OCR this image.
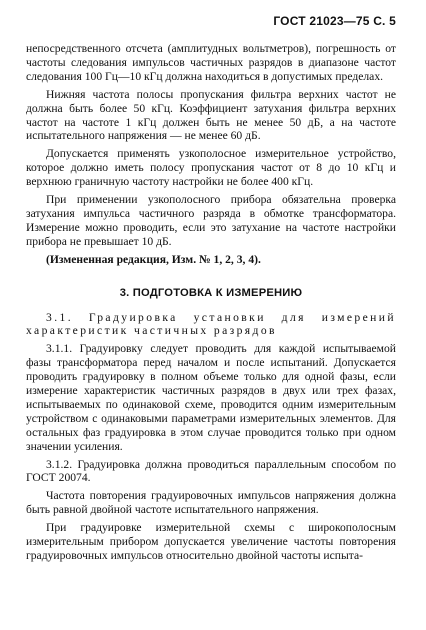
ГОСТ 21023—75 С. 5

непосредственного отсчета (амплитудных вольтметров), погрешность от частоты следования импульсов частичных разрядов в диапазоне частот следования 100 Гц—10 кГц должна находиться в допустимых пределах.

Нижняя частота полосы пропускания фильтра верхних частот не должна быть более 50 кГц. Коэффициент затухания фильтра верхних частот на частоте 1 кГц должен быть не менее 50 дБ, а на частоте испытательного напряжения — не менее 60 дБ.

Допускается применять узкополосное измерительное устройство, которое должно иметь полосу пропускания частот от 8 до 10 кГц и верхнюю граничную частоту настройки не более 400 кГц.

При применении узкополосного прибора обязательна проверка затухания импульса частичного разряда в обмотке трансформатора. Измерение можно проводить, если это затухание на частоте настройки прибора не превышает 10 дБ.

(Измененная редакция, Изм. № 1, 2, 3, 4).

3. ПОДГОТОВКА К ИЗМЕРЕНИЮ

3.1. Градуировка установки для измерений характеристик частичных разрядов

3.1.1. Градуировку следует проводить для каждой испытываемой фазы трансформатора перед началом и после испытаний. Допускается проводить градуировку в полном объеме только для одной фазы, если измерение характеристик частичных разрядов в двух или трех фазах, испытываемых по одинаковой схеме, проводится одним измерительным устройством с одинаковыми параметрами измерительных элементов. Для остальных фаз градуировка в этом случае проводится только при одном значении усиления.

3.1.2. Градуировка должна проводиться параллельным способом по ГОСТ 20074.

Частота повторения градуировочных импульсов напряжения должна быть равной двойной частоте испытательного напряжения.

При градуировке измерительной схемы с широкополосным измерительным прибором допускается увеличение частоты повторения градуировочных импульсов относительно двойной частоты испыта-
